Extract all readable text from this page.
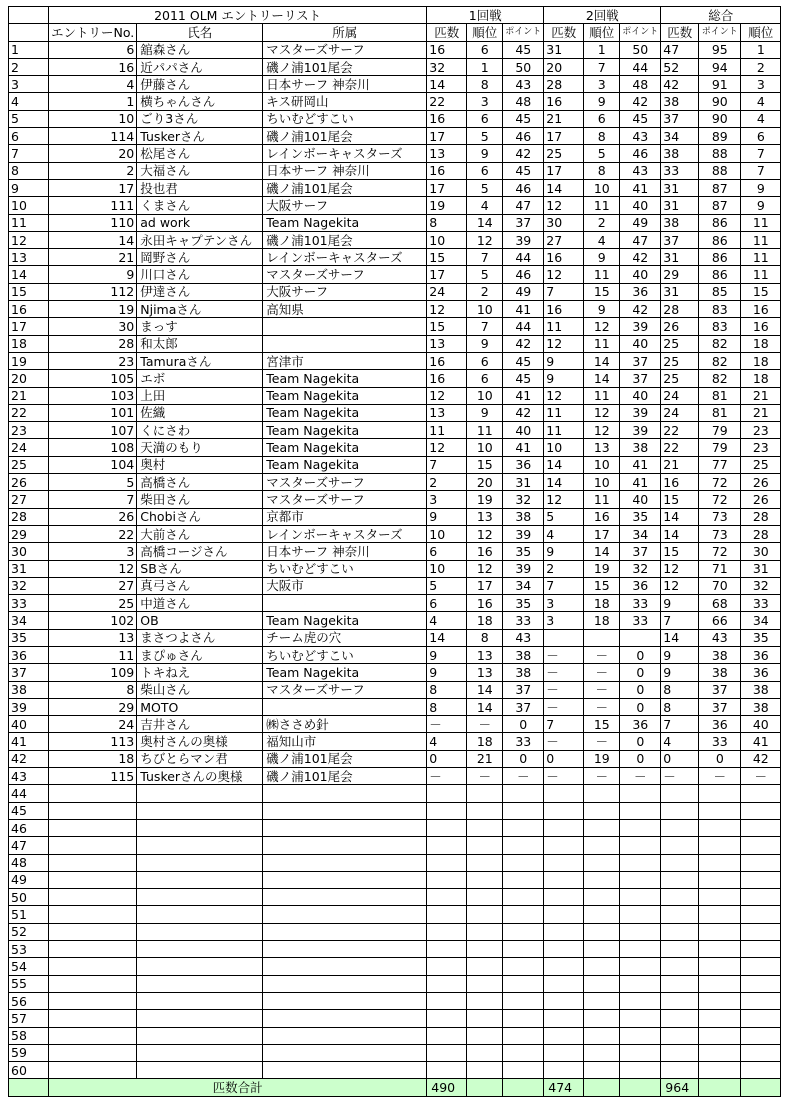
	2011 OLM エントリーリスト			1回戦			2回戦			総合		
	エントリーNo.	氏名	所属	匹数	順位	ポイント	匹数	順位	ポイント	匹数	ポイント	順位
1	6	舘森さん	マスターズサーフ	16	6	45	31	1	50	47	95	1
2	16	近パパさん	磯ノ浦101尾会	32	1	50	20	7	44	52	94	2
3	4	伊藤さん	日本サーフ 神奈川	14	8	43	28	3	48	42	91	3
4	1	横ちゃんさん	キス研岡山	22	3	48	16	9	42	38	90	4
5	10	ごり3さん	ちいむどすこい	16	6	45	21	6	45	37	90	4
6	114	Tuskerさん	磯ノ浦101尾会	17	5	46	17	8	43	34	89	6
7	20	松尾さん	レインボーキャスターズ	13	9	42	25	5	46	38	88	7
8	2	大福さん	日本サーフ 神奈川	16	6	45	17	8	43	33	88	7
9	17	投也君	磯ノ浦101尾会	17	5	46	14	10	41	31	87	9
10	111	くまさん	大阪サーフ	19	4	47	12	11	40	31	87	9
11	110	ad work	Team Nagekita	8	14	37	30	2	49	38	86	11
12	14	永田キャプテンさん	磯ノ浦101尾会	10	12	39	27	4	47	37	86	11
13	21	岡野さん	レインボーキャスターズ	15	7	44	16	9	42	31	86	11
14	9	川口さん	マスターズサーフ	17	5	46	12	11	40	29	86	11
15	112	伊達さん	大阪サーフ	24	2	49	7	15	36	31	85	15
16	19	Njimaさん	高知県	12	10	41	16	9	42	28	83	16
17	30	まっす		15	7	44	11	12	39	26	83	16
18	28	和太郎		13	9	42	12	11	40	25	82	18
19	23	Tamuraさん	宮津市	16	6	45	9	14	37	25	82	18
20	105	エボ	Team Nagekita	16	6	45	9	14	37	25	82	18
21	103	上田	Team Nagekita	12	10	41	12	11	40	24	81	21
22	101	佐織	Team Nagekita	13	9	42	11	12	39	24	81	21
23	107	くにさわ	Team Nagekita	11	11	40	11	12	39	22	79	23
24	108	天満のもり	Team Nagekita	12	10	41	10	13	38	22	79	23
25	104	奥村	Team Nagekita	7	15	36	14	10	41	21	77	25
26	5	高橋さん	マスターズサーフ	2	20	31	14	10	41	16	72	26
27	7	柴田さん	マスターズサーフ	3	19	32	12	11	40	15	72	26
28	26	Chobiさん	京都市	9	13	38	5	16	35	14	73	28
29	22	大前さん	レインボーキャスターズ	10	12	39	4	17	34	14	73	28
30	3	高橋コージさん	日本サーフ 神奈川	6	16	35	9	14	37	15	72	30
31	12	SBさん	ちいむどすこい	10	12	39	2	19	32	12	71	31
32	27	真弓さん	大阪市	5	17	34	7	15	36	12	70	32
33	25	中道さん		6	16	35	3	18	33	9	68	33
34	102	OB	Team Nagekita	4	18	33	3	18	33	7	66	34
35	13	まさつよさん	チーム虎の穴	14	8	43				14	43	35
36	11	まぴゅさん	ちいむどすこい	9	13	38	－	－	0	9	38	36
37	109	トキねえ	Team Nagekita	9	13	38	－	－	0	9	38	36
38	8	柴山さん	マスターズサーフ	8	14	37	－	－	0	8	37	38
39	29	MOTO		8	14	37	－	－	0	8	37	38
40	24	吉井さん	㈱ささめ針	－	－	0	7	15	36	7	36	40
41	113	奥村さんの奥様	福知山市	4	18	33	－	－	0	4	33	41
42	18	ちびとらマン君	磯ノ浦101尾会	0	21	0	0	19	0	0	0	42
43	115	Tuskerさんの奥様	磯ノ浦101尾会	－	－	－	－	－	－	－	－	－
44												
45												
46												
47												
48												
49												
50												
51												
52												
53												
54												
55												
56												
57												
58												
59												
60												
	匹数合計			490			474			964		
